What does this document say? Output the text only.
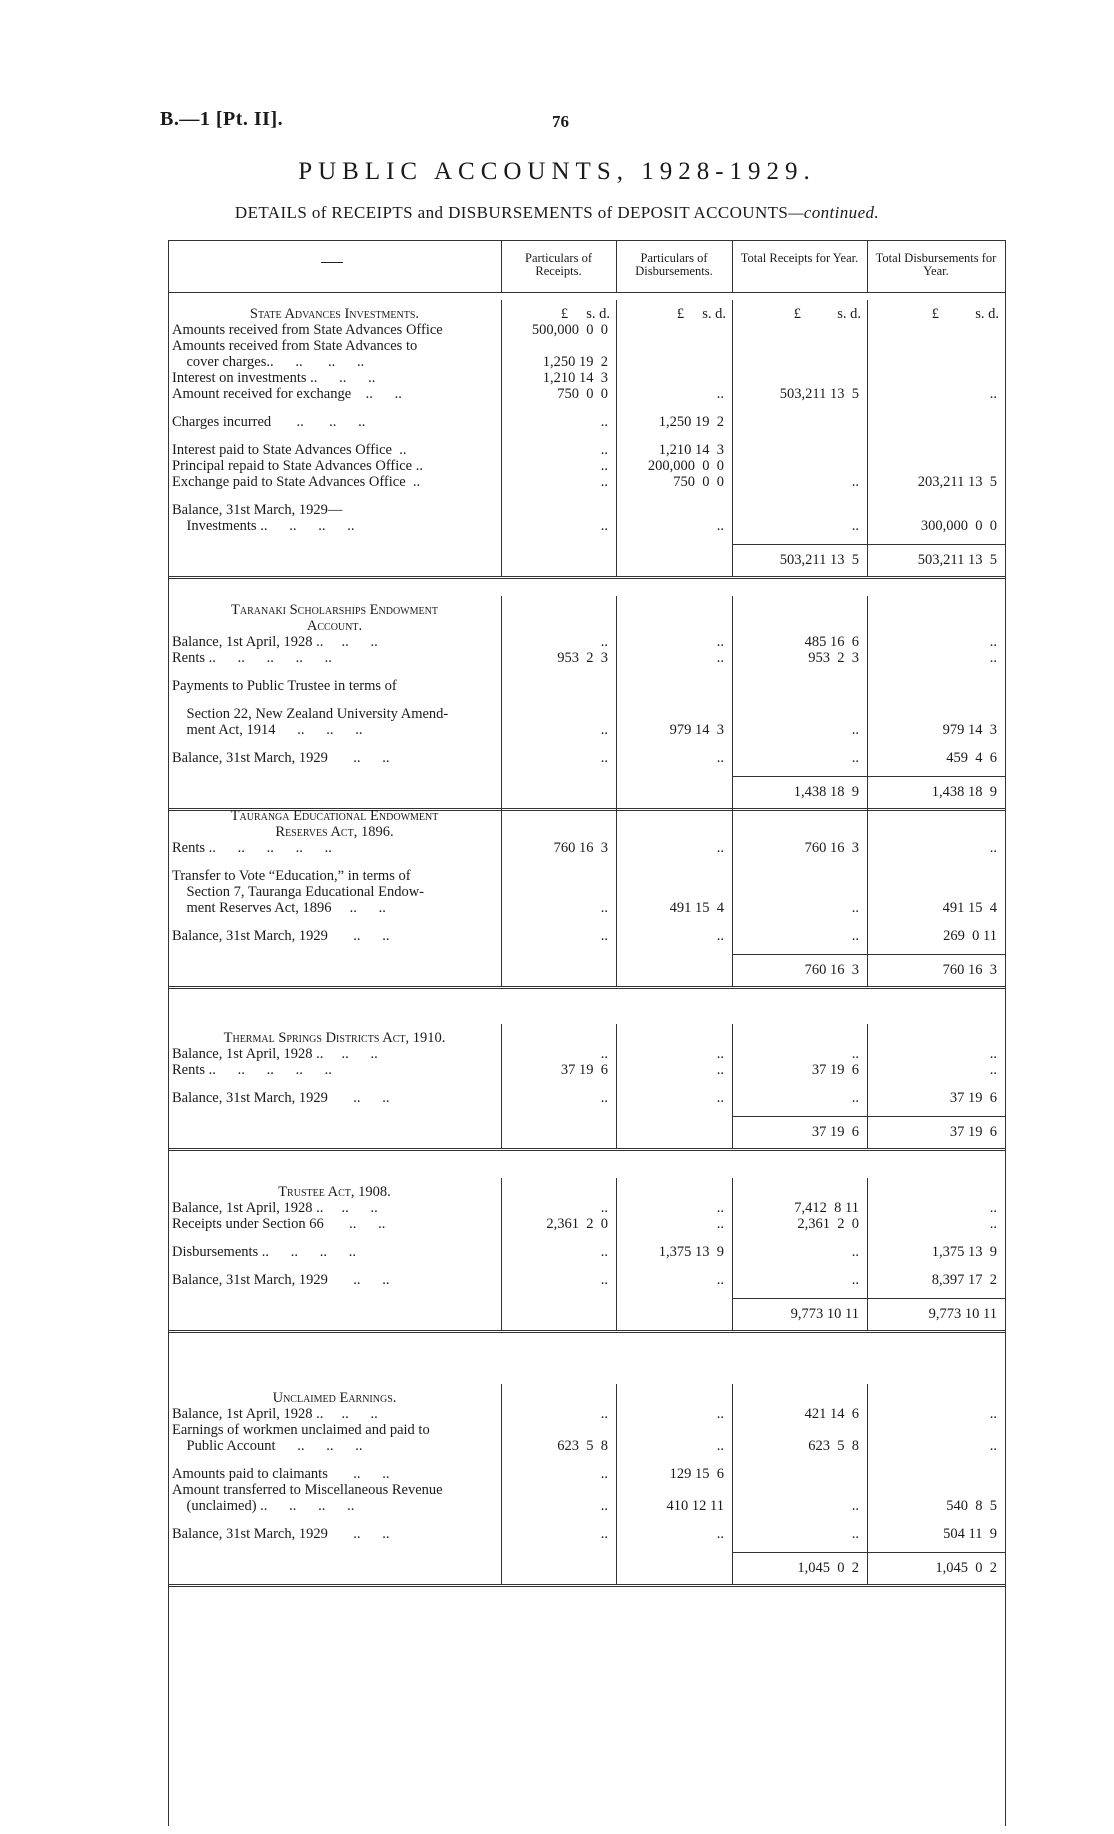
B.—1 [Pt. II].	76
PUBLIC ACCOUNTS, 1928-1929.
DETAILS of RECEIPTS and DISBURSEMENTS of DEPOSIT ACCOUNTS—continued.
Particulars of Receipts.
Particulars of Disbursements.
Total Receipts for Year.	Total Disbursements for Year.
State Advances Investments.	£     s. d.	£     s. d.	£          s. d.	£          s. d.
Amounts received from State Advances Office	500,000  0  0
Amounts received from State Advances to
cover charges..      ..       ..      ..	1,250 19  2
Interest on investments ..      ..      ..	1,210 14  3
Amount received for exchange    ..      ..	750  0  0	..	503,211 13  5	..
Charges incurred       ..       ..      ..	..	1,250 19  2
Interest paid to State Advances Office  ..	..	1,210 14  3
Principal repaid to State Advances Office ..	..	200,000  0  0
Exchange paid to State Advances Office  ..	..	750  0  0	..	203,211 13  5
Balance, 31st March, 1929—
Investments ..      ..      ..      ..	..	..	..	300,000  0  0
503,211 13  5	503,211 13  5
Taranaki Scholarships Endowment
Account.
Balance, 1st April, 1928 ..     ..      ..	..	..	485 16  6	..
Rents ..      ..      ..      ..      ..	953  2  3	..	953  2  3	..
Payments to Public Trustee in terms of
Section 22, New Zealand University Amend-
ment Act, 1914      ..      ..      ..	..	979 14  3	..	979 14  3
Balance, 31st March, 1929       ..      ..	..	..	..	459  4  6
1,438 18  9	1,438 18  9
Tauranga Educational Endowment
Reserves Act, 1896.
Rents ..      ..      ..      ..      ..	760 16  3	..	760 16  3	..
Transfer to Vote “Education,” in terms of
Section 7, Tauranga Educational Endow-
ment Reserves Act, 1896     ..      ..	..	491 15  4	..	491 15  4
Balance, 31st March, 1929       ..      ..	..	..	..	269  0 11
760 16  3	760 16  3
Thermal Springs Districts Act, 1910.
Balance, 1st April, 1928 ..     ..      ..	..	..	..	..
Rents ..      ..      ..      ..      ..	37 19  6	..	37 19  6	..
Balance, 31st March, 1929       ..      ..	..	..	..	37 19  6
37 19  6	37 19  6
Trustee Act, 1908.
Balance, 1st April, 1928 ..     ..      ..	..	..	7,412  8 11	..
Receipts under Section 66       ..      ..	2,361  2  0	..	2,361  2  0	..
Disbursements ..      ..      ..      ..	..	1,375 13  9	..	1,375 13  9
Balance, 31st March, 1929       ..      ..	..	..	..	8,397 17  2
9,773 10 11	9,773 10 11
Unclaimed Earnings.
Balance, 1st April, 1928 ..     ..      ..	..	..	421 14  6	..
Earnings of workmen unclaimed and paid to
Public Account      ..      ..      ..	623  5  8	..	623  5  8	..
Amounts paid to claimants       ..      ..	..	129 15  6
Amount transferred to Miscellaneous Revenue
(unclaimed) ..      ..      ..      ..	..	410 12 11	..	540  8  5
Balance, 31st March, 1929       ..      ..	..	..	..	504 11  9
1,045  0  2	1,045  0  2
